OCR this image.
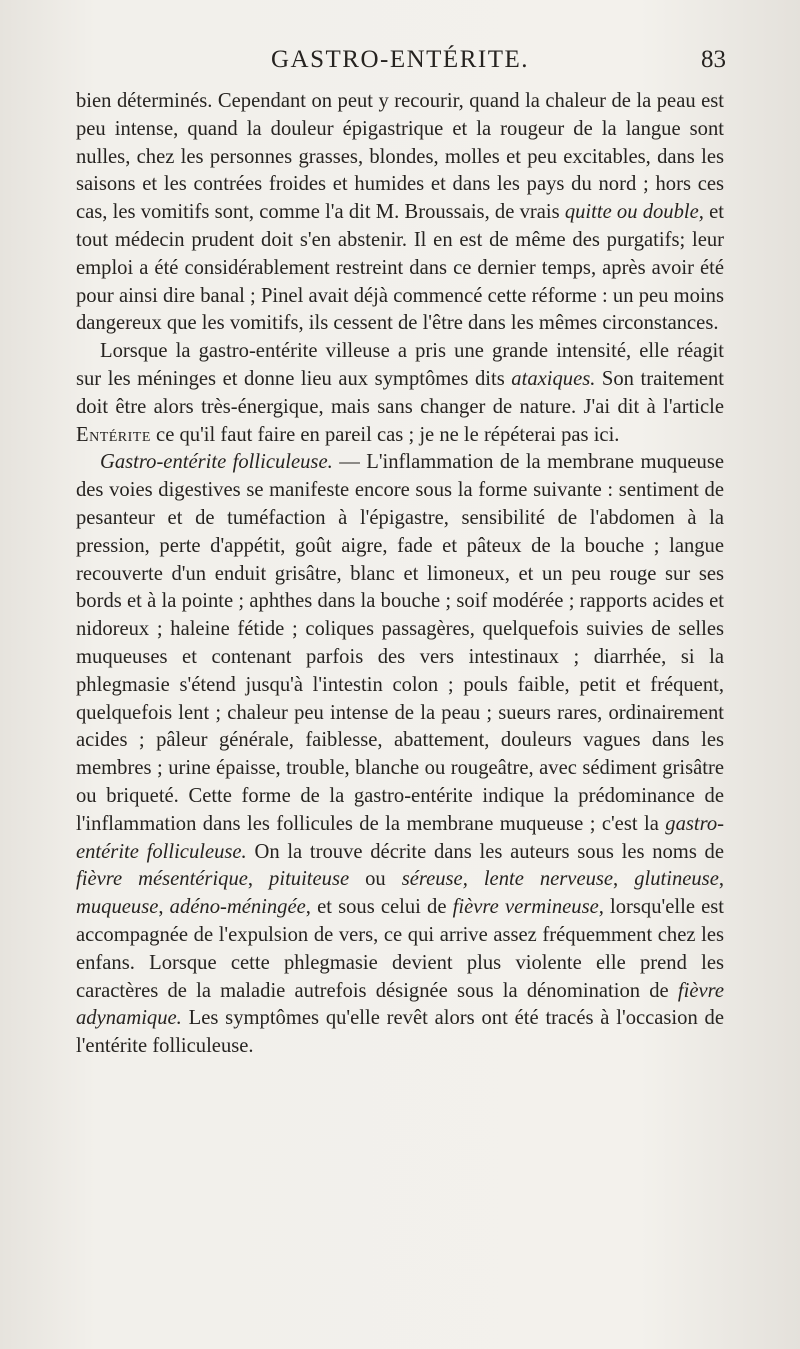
GASTRO-ENTÉRITE.	83

bien déterminés. Cependant on peut y recourir, quand la chaleur de la peau est peu intense, quand la douleur épigastrique et la rougeur de la langue sont nulles, chez les personnes grasses, blondes, molles et peu excitables, dans les saisons et les contrées froides et humides et dans les pays du nord ; hors ces cas, les vomitifs sont, comme l'a dit M. Broussais, de vrais quitte ou double, et tout médecin prudent doit s'en abstenir. Il en est de même des purgatifs; leur emploi a été considérablement restreint dans ce dernier temps, après avoir été pour ainsi dire banal ; Pinel avait déjà commencé cette réforme : un peu moins dangereux que les vomitifs, ils cessent de l'être dans les mêmes circonstances.

Lorsque la gastro-entérite villeuse a pris une grande intensité, elle réagit sur les méninges et donne lieu aux symptômes dits ataxiques. Son traitement doit être alors très-énergique, mais sans changer de nature. J'ai dit à l'article Entérite ce qu'il faut faire en pareil cas ; je ne le répéterai pas ici.

Gastro-entérite folliculeuse. — L'inflammation de la membrane muqueuse des voies digestives se manifeste encore sous la forme suivante : sentiment de pesanteur et de tuméfaction à l'épigastre, sensibilité de l'abdomen à la pression, perte d'appétit, goût aigre, fade et pâteux de la bouche ; langue recouverte d'un enduit grisâtre, blanc et limoneux, et un peu rouge sur ses bords et à la pointe ; aphthes dans la bouche ; soif modérée ; rapports acides et nidoreux ; haleine fétide ; coliques passagères, quelquefois suivies de selles muqueuses et contenant parfois des vers intestinaux ; diarrhée, si la phlegmasie s'étend jusqu'à l'intestin colon ; pouls faible, petit et fréquent, quelquefois lent ; chaleur peu intense de la peau ; sueurs rares, ordinairement acides ; pâleur générale, faiblesse, abattement, douleurs vagues dans les membres ; urine épaisse, trouble, blanche ou rougeâtre, avec sédiment grisâtre ou briqueté. Cette forme de la gastro-entérite indique la prédominance de l'inflammation dans les follicules de la membrane muqueuse ; c'est la gastro-entérite folliculeuse. On la trouve décrite dans les auteurs sous les noms de fièvre mésentérique, pituiteuse ou séreuse, lente nerveuse, glutineuse, muqueuse, adéno-méningée, et sous celui de fièvre vermineuse, lorsqu'elle est accompagnée de l'expulsion de vers, ce qui arrive assez fréquemment chez les enfans. Lorsque cette phlegmasie devient plus violente elle prend les caractères de la maladie autrefois désignée sous la dénomination de fièvre adynamique. Les symptômes qu'elle revêt alors ont été tracés à l'occasion de l'entérite folliculeuse.
